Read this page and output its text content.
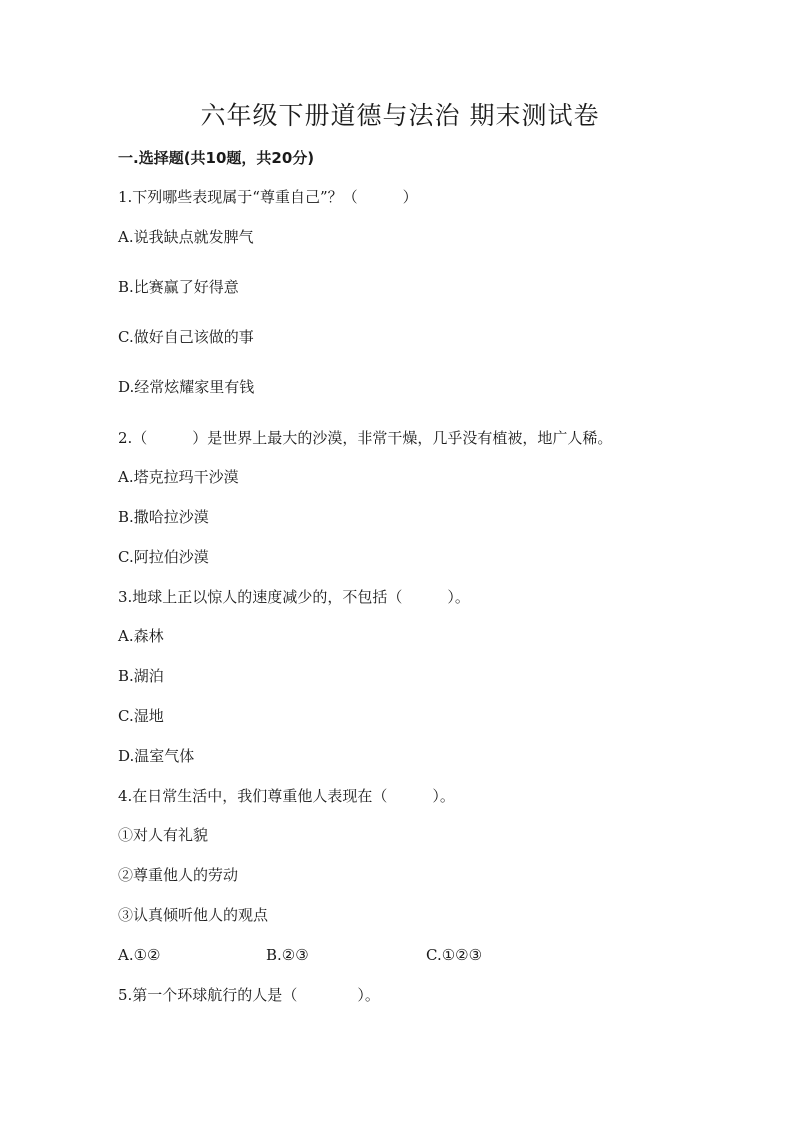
六年级下册道德与法治 期末测试卷
一.选择题(共10题，共20分)
1.下列哪些表现属于“尊重自己”？（　　　）
A.说我缺点就发脾气
B.比赛赢了好得意
C.做好自己该做的事
D.经常炫耀家里有钱
2.（　　　）是世界上最大的沙漠，非常干燥，几乎没有植被，地广人稀。
A.塔克拉玛干沙漠
B.撒哈拉沙漠
C.阿拉伯沙漠
3.地球上正以惊人的速度减少的，不包括（　　　）。
A.森林
B.湖泊
C.湿地
D.温室气体
4.在日常生活中，我们尊重他人表现在（　　　）。
①对人有礼貌
②尊重他人的劳动
③认真倾听他人的观点
A.①②	B.②③	C.①②③
5.第一个环球航行的人是（　　　　）。
